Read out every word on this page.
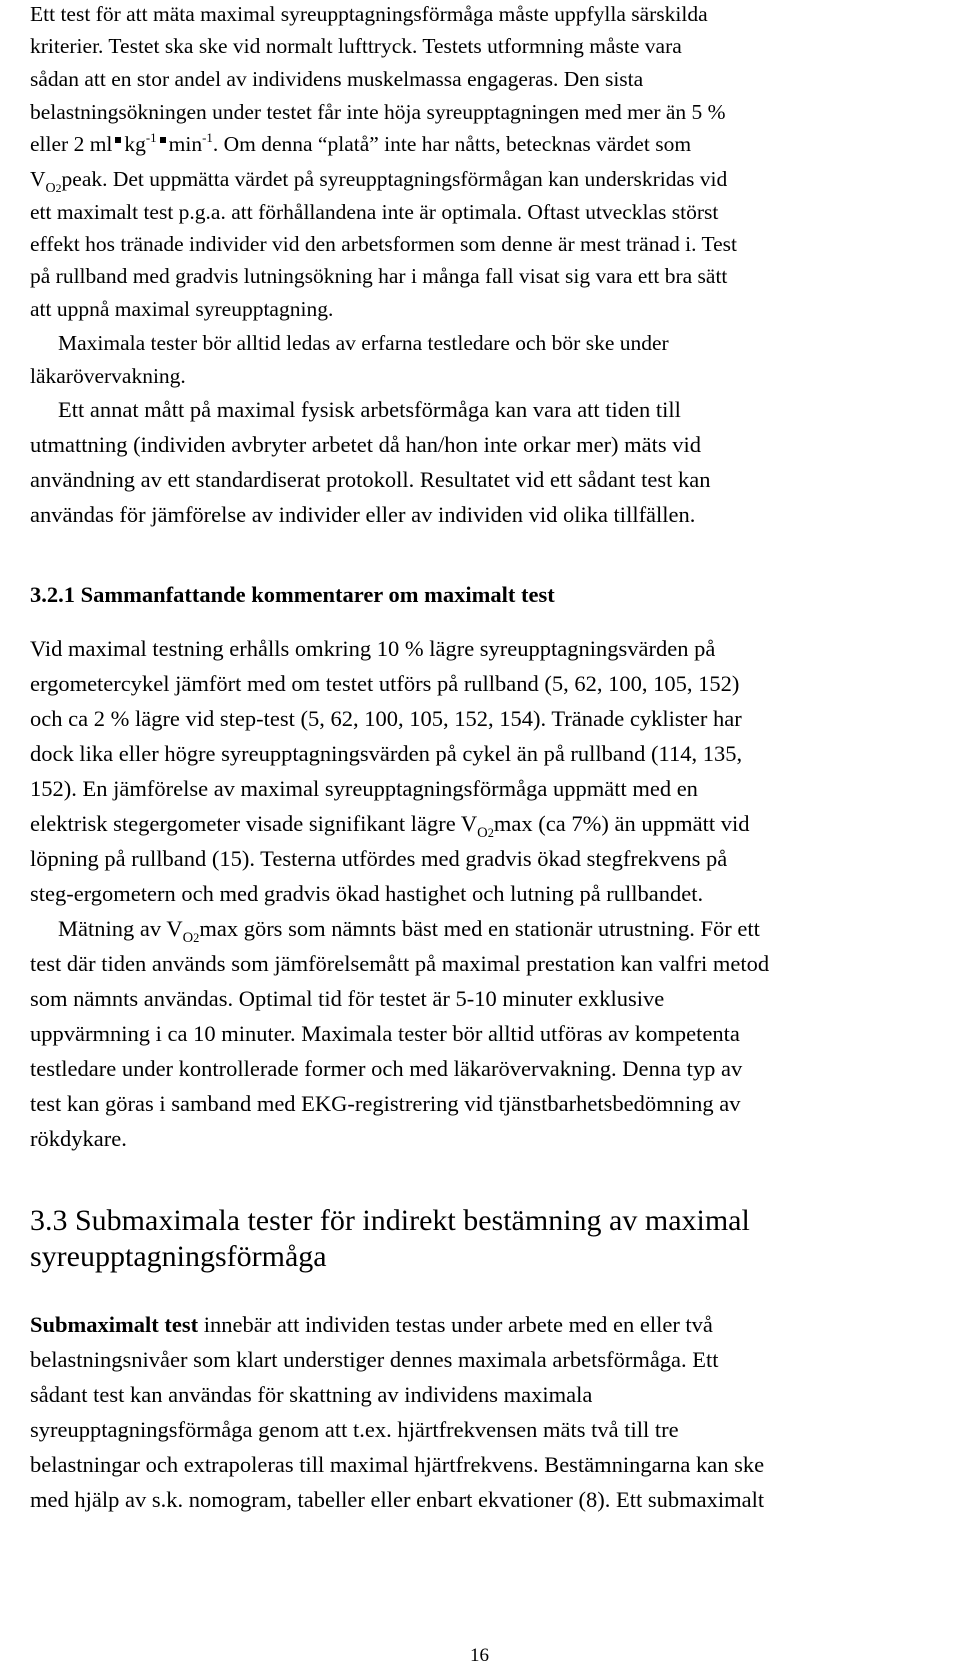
Ett test för att mäta maximal syreupptagningsförmåga måste uppfylla särskilda
kriterier. Testet ska ske vid normalt lufttryck. Testets utformning måste vara
sådan att en stor andel av individens muskelmassa engageras. Den sista
belastningsökningen under testet får inte höja syreupptagningen med mer än 5 %
eller 2 ml $kg^{-1}$ $\min^{-1}$. Om denna “platå” inte har nåtts, betecknas värdet som
$V_{O2}peak$. Det uppmätta värdet på syreupptagningsförmågan kan underskridas vid
ett maximalt test p.g.a. att förhållandena inte är optimala. Oftast utvecklas störst
effekt hos tränade individer vid den arbetsformen som denne är mest tränad i. Test
på rullband med gradvis lutningsökning har i många fall visat sig vara ett bra sätt
att uppnå maximal syreupptagning.
Maximala tester bör alltid ledas av erfarna testledare och bör ske under
läkarövervakning.
Ett annat mått på maximal fysisk arbetsförmåga kan vara att tiden till
utmattning (individen avbryter arbetet då han/hon inte orkar mer) mäts vid
användning av ett standardiserat protokoll. Resultatet vid ett sådant test kan
användas för jämförelse av individer eller av individen vid olika tillfällen.
3.2.1 Sammanfattande kommentarer om maximalt test
Vid maximal testning erhålls omkring 10 % lägre syreupptagningsvärden på
ergometercykel jämfört med om testet utförs på rullband (5, 62, 100, 105, 152)
och ca 2 % lägre vid step-test (5, 62, 100, 105, 152, 154). Tränade cyklister har
dock lika eller högre syreupptagningsvärden på cykel än på rullband (114, 135,
152). En jämförelse av maximal syreupptagningsförmåga uppmätt med en
elektrisk stegergometer visade signifikant lägre $V_{O2}\max$ (ca 7%) än uppmätt vid
löpning på rullband (15). Testerna utfördes med gradvis ökad stegfrekvens på
steg-ergometern och med gradvis ökad hastighet och lutning på rullbandet.
Mätning av $V_{O2}\max$ görs som nämnts bäst med en stationär utrustning. För ett
test där tiden används som jämförelsemått på maximal prestation kan valfri metod
som nämnts användas. Optimal tid för testet är 5-10 minuter exklusive
uppvärmning i ca 10 minuter. Maximala tester bör alltid utföras av kompetenta
testledare under kontrollerade former och med läkarövervakning. Denna typ av
test kan göras i samband med EKG-registrering vid tjänstbarhetsbedömning av
rökdykare.
3.3 Submaximala tester för indirekt bestämning av maximal
syreupptagningsförmåga
Submaximalt test innebär att individen testas under arbete med en eller två
belastningsnivåer som klart understiger dennes maximala arbetsförmåga. Ett
sådant test kan användas för skattning av individens maximala
syreupptagningsförmåga genom att t.ex. hjärtfrekvensen mäts två till tre
belastningar och extrapoleras till maximal hjärtfrekvens. Bestämningarna kan ske
med hjälp av s.k. nomogram, tabeller eller enbart ekvationer (8). Ett submaximalt
16
